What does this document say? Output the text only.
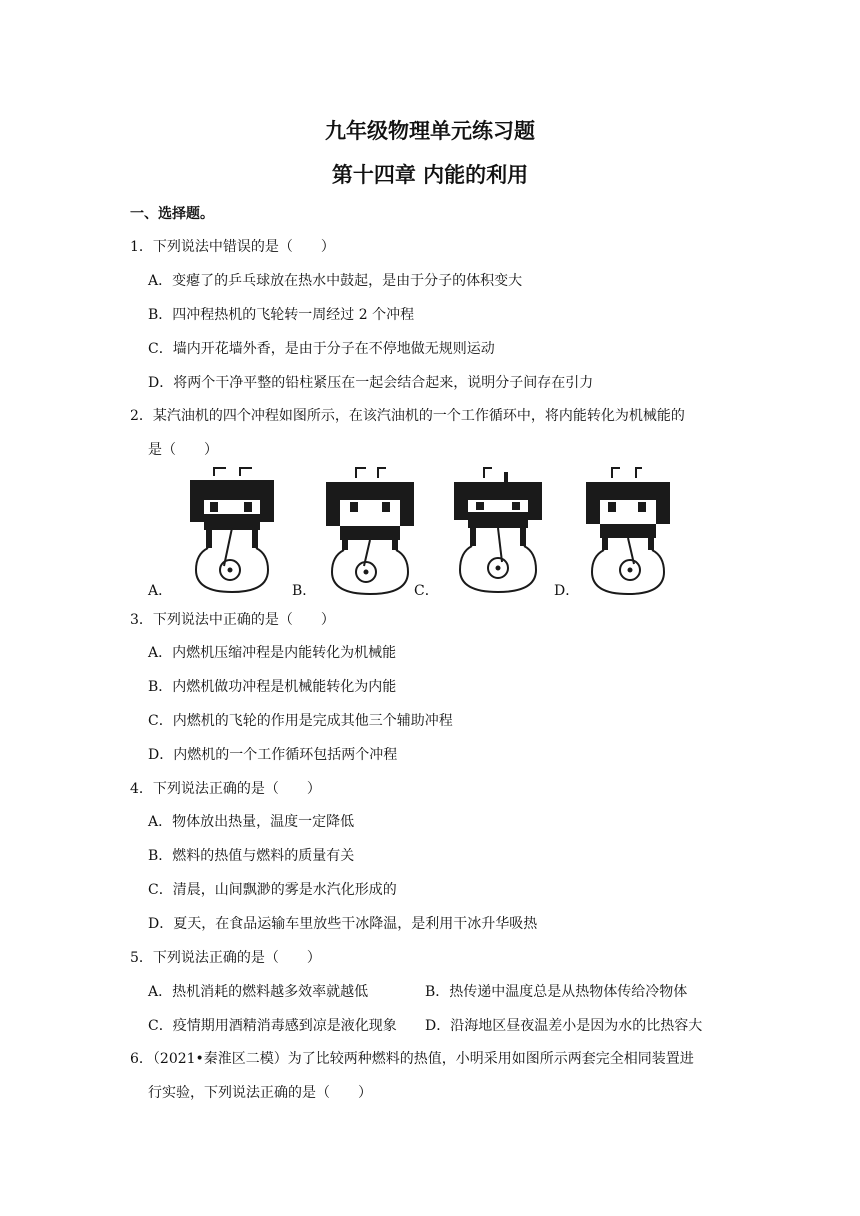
九年级物理单元练习题
第十四章 内能的利用
一、选择题。
1．下列说法中错误的是（　　）
A．变瘪了的乒乓球放在热水中鼓起，是由于分子的体积变大
B．四冲程热机的飞轮转一周经过 2 个冲程
C．墙内开花墙外香，是由于分子在不停地做无规则运动
D．将两个干净平整的铅柱紧压在一起会结合起来，说明分子间存在引力
2．某汽油机的四个冲程如图所示，在该汽油机的一个工作循环中，将内能转化为机械能的
是（　　）
A．	B．	C．	D．
3．下列说法中正确的是（　　）
A．内燃机压缩冲程是内能转化为机械能
B．内燃机做功冲程是机械能转化为内能
C．内燃机的飞轮的作用是完成其他三个辅助冲程
D．内燃机的一个工作循环包括两个冲程
4．下列说法正确的是（　　）
A．物体放出热量，温度一定降低
B．燃料的热值与燃料的质量有关
C．清晨，山间飘渺的雾是水汽化形成的
D．夏天，在食品运输车里放些干冰降温，是利用干冰升华吸热
5．下列说法正确的是（　　）
A．热机消耗的燃料越多效率就越低	B．热传递中温度总是从热物体传给冷物体
C．疫情期用酒精消毒感到凉是液化现象 D．沿海地区昼夜温差小是因为水的比热容大
6．（2021•秦淮区二模）为了比较两种燃料的热值，小明采用如图所示两套完全相同装置进
行实验，下列说法正确的是（　　）
